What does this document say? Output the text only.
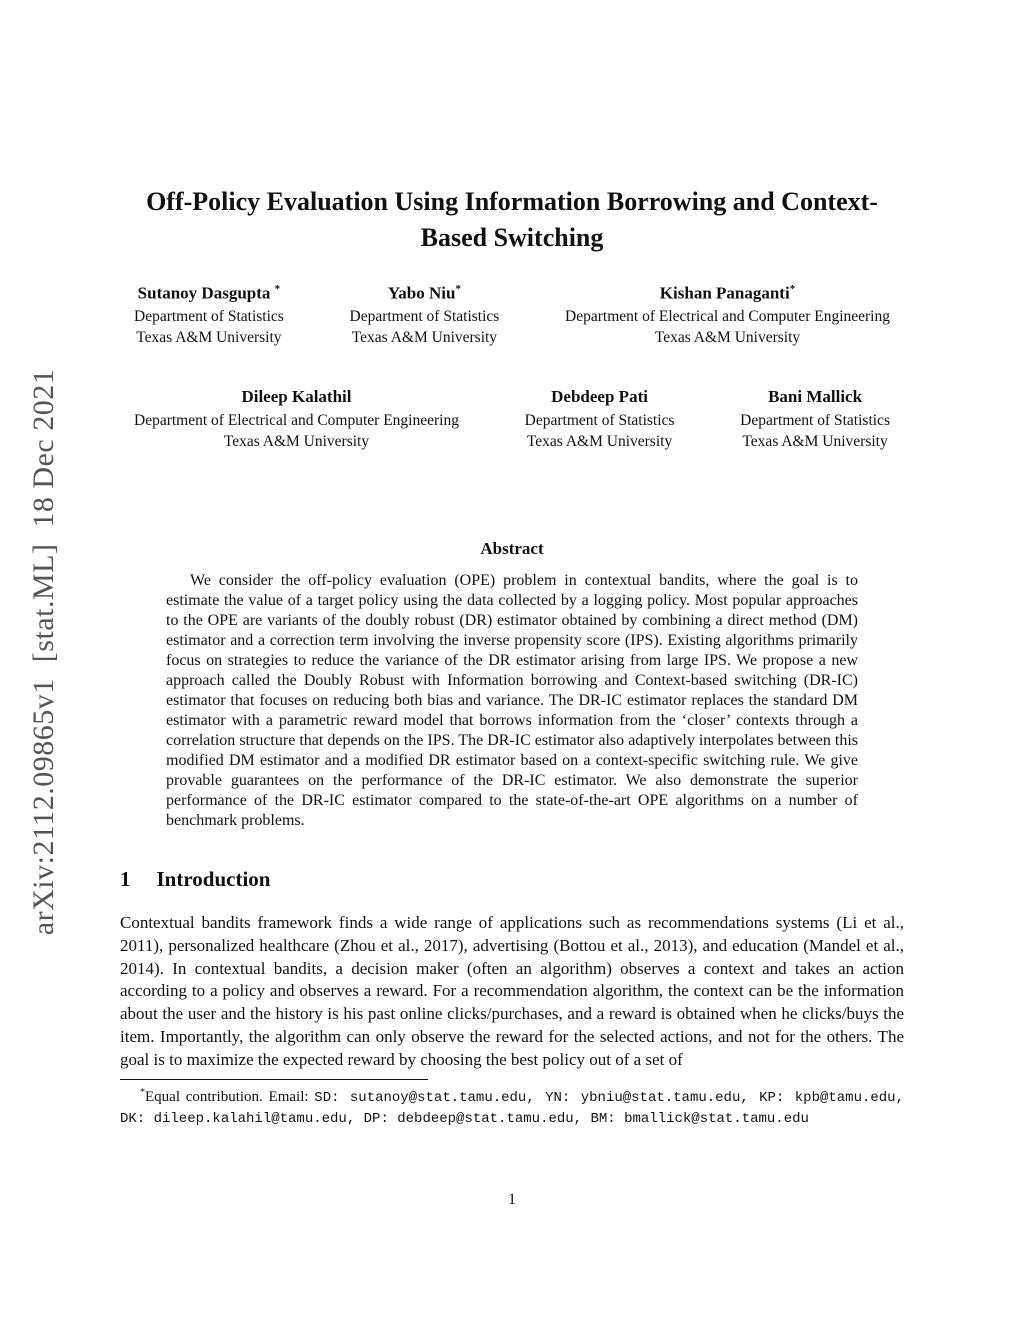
arXiv:2112.09865v1  [stat.ML]  18 Dec 2021
Off-Policy Evaluation Using Information Borrowing and Context-Based Switching
Sutanoy Dasgupta *
Department of Statistics
Texas A&M University
Yabo Niu*
Department of Statistics
Texas A&M University
Kishan Panaganti*
Department of Electrical and Computer Engineering
Texas A&M University
Dileep Kalathil
Department of Electrical and Computer Engineering
Texas A&M University
Debdeep Pati
Department of Statistics
Texas A&M University
Bani Mallick
Department of Statistics
Texas A&M University
Abstract

We consider the off-policy evaluation (OPE) problem in contextual bandits, where the goal is to estimate the value of a target policy using the data collected by a logging policy. Most popular approaches to the OPE are variants of the doubly robust (DR) estimator obtained by combining a direct method (DM) estimator and a correction term involving the inverse propensity score (IPS). Existing algorithms primarily focus on strategies to reduce the variance of the DR estimator arising from large IPS. We propose a new approach called the Doubly Robust with Information borrowing and Context-based switching (DR-IC) estimator that focuses on reducing both bias and variance. The DR-IC estimator replaces the standard DM estimator with a parametric reward model that borrows information from the ‘closer’ contexts through a correlation structure that depends on the IPS. The DR-IC estimator also adaptively interpolates between this modified DM estimator and a modified DR estimator based on a context-specific switching rule. We give provable guarantees on the performance of the DR-IC estimator. We also demonstrate the superior performance of the DR-IC estimator compared to the state-of-the-art OPE algorithms on a number of benchmark problems.

1 Introduction

Contextual bandits framework finds a wide range of applications such as recommendations systems (Li et al., 2011), personalized healthcare (Zhou et al., 2017), advertising (Bottou et al., 2013), and education (Mandel et al., 2014). In contextual bandits, a decision maker (often an algorithm) observes a context and takes an action according to a policy and observes a reward. For a recommendation algorithm, the context can be the information about the user and the history is his past online clicks/purchases, and a reward is obtained when he clicks/buys the item. Importantly, the algorithm can only observe the reward for the selected actions, and not for the others. The goal is to maximize the expected reward by choosing the best policy out of a set of

*Equal contribution. Email: SD: sutanoy@stat.tamu.edu, YN: ybniu@stat.tamu.edu, KP: kpb@tamu.edu, DK: dileep.kalahil@tamu.edu, DP: debdeep@stat.tamu.edu, BM: bmallick@stat.tamu.edu

1
